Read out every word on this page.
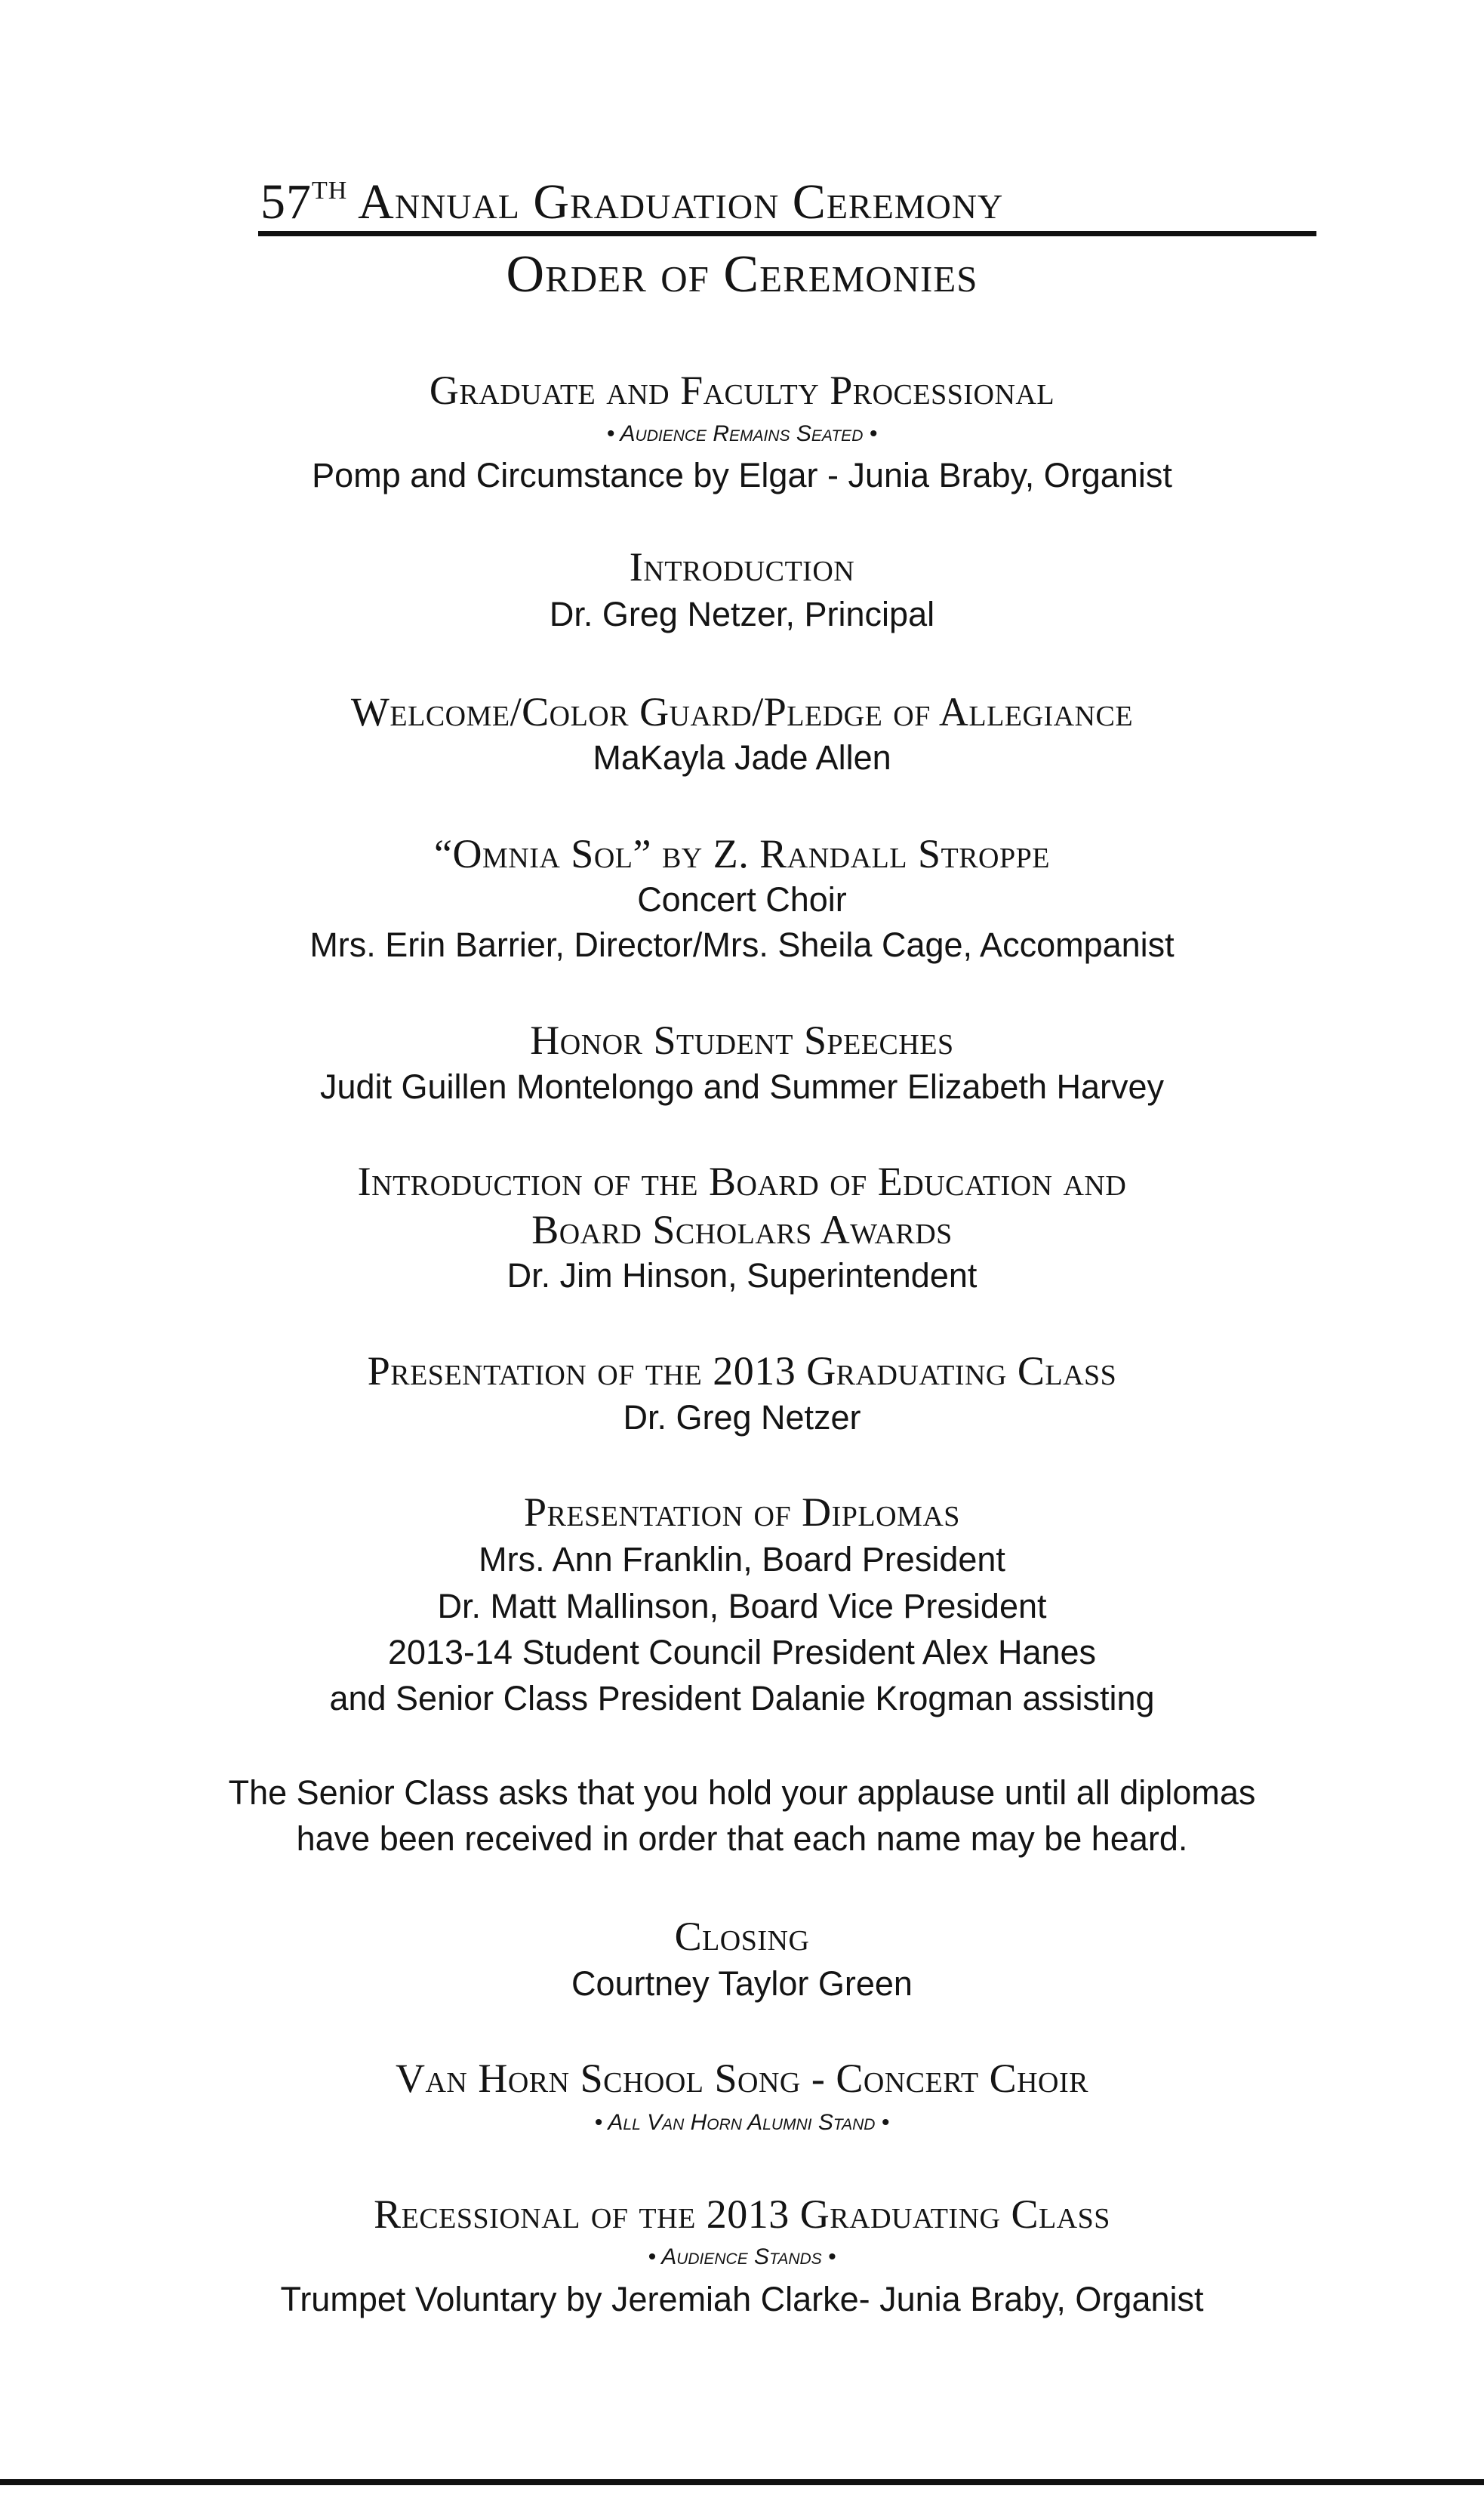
57TH Annual Graduation Ceremony
Order of Ceremonies
Graduate and Faculty Processional
• Audience Remains Seated •
Pomp and Circumstance by Elgar - Junia Braby, Organist
Introduction
Dr. Greg Netzer, Principal
Welcome/Color Guard/Pledge of Allegiance
MaKayla Jade Allen
“Omnia Sol” by Z. Randall Stroppe
Concert Choir
Mrs. Erin Barrier, Director/Mrs. Sheila Cage, Accompanist
Honor Student Speeches
Judit Guillen Montelongo and Summer Elizabeth Harvey
Introduction of the Board of Education and
Board Scholars Awards
Dr. Jim Hinson, Superintendent
Presentation of the 2013 Graduating Class
Dr. Greg Netzer
Presentation of Diplomas
Mrs. Ann Franklin, Board President
Dr. Matt Mallinson, Board Vice President
2013-14 Student Council President Alex Hanes
and Senior Class President Dalanie Krogman assisting
The Senior Class asks that you hold your applause until all diplomas
have been received in order that each name may be heard.
Closing
Courtney Taylor Green
Van Horn School Song - Concert Choir
• All Van Horn Alumni Stand •
Recessional of the 2013 Graduating Class
• Audience Stands •
Trumpet Voluntary by Jeremiah Clarke- Junia Braby, Organist
